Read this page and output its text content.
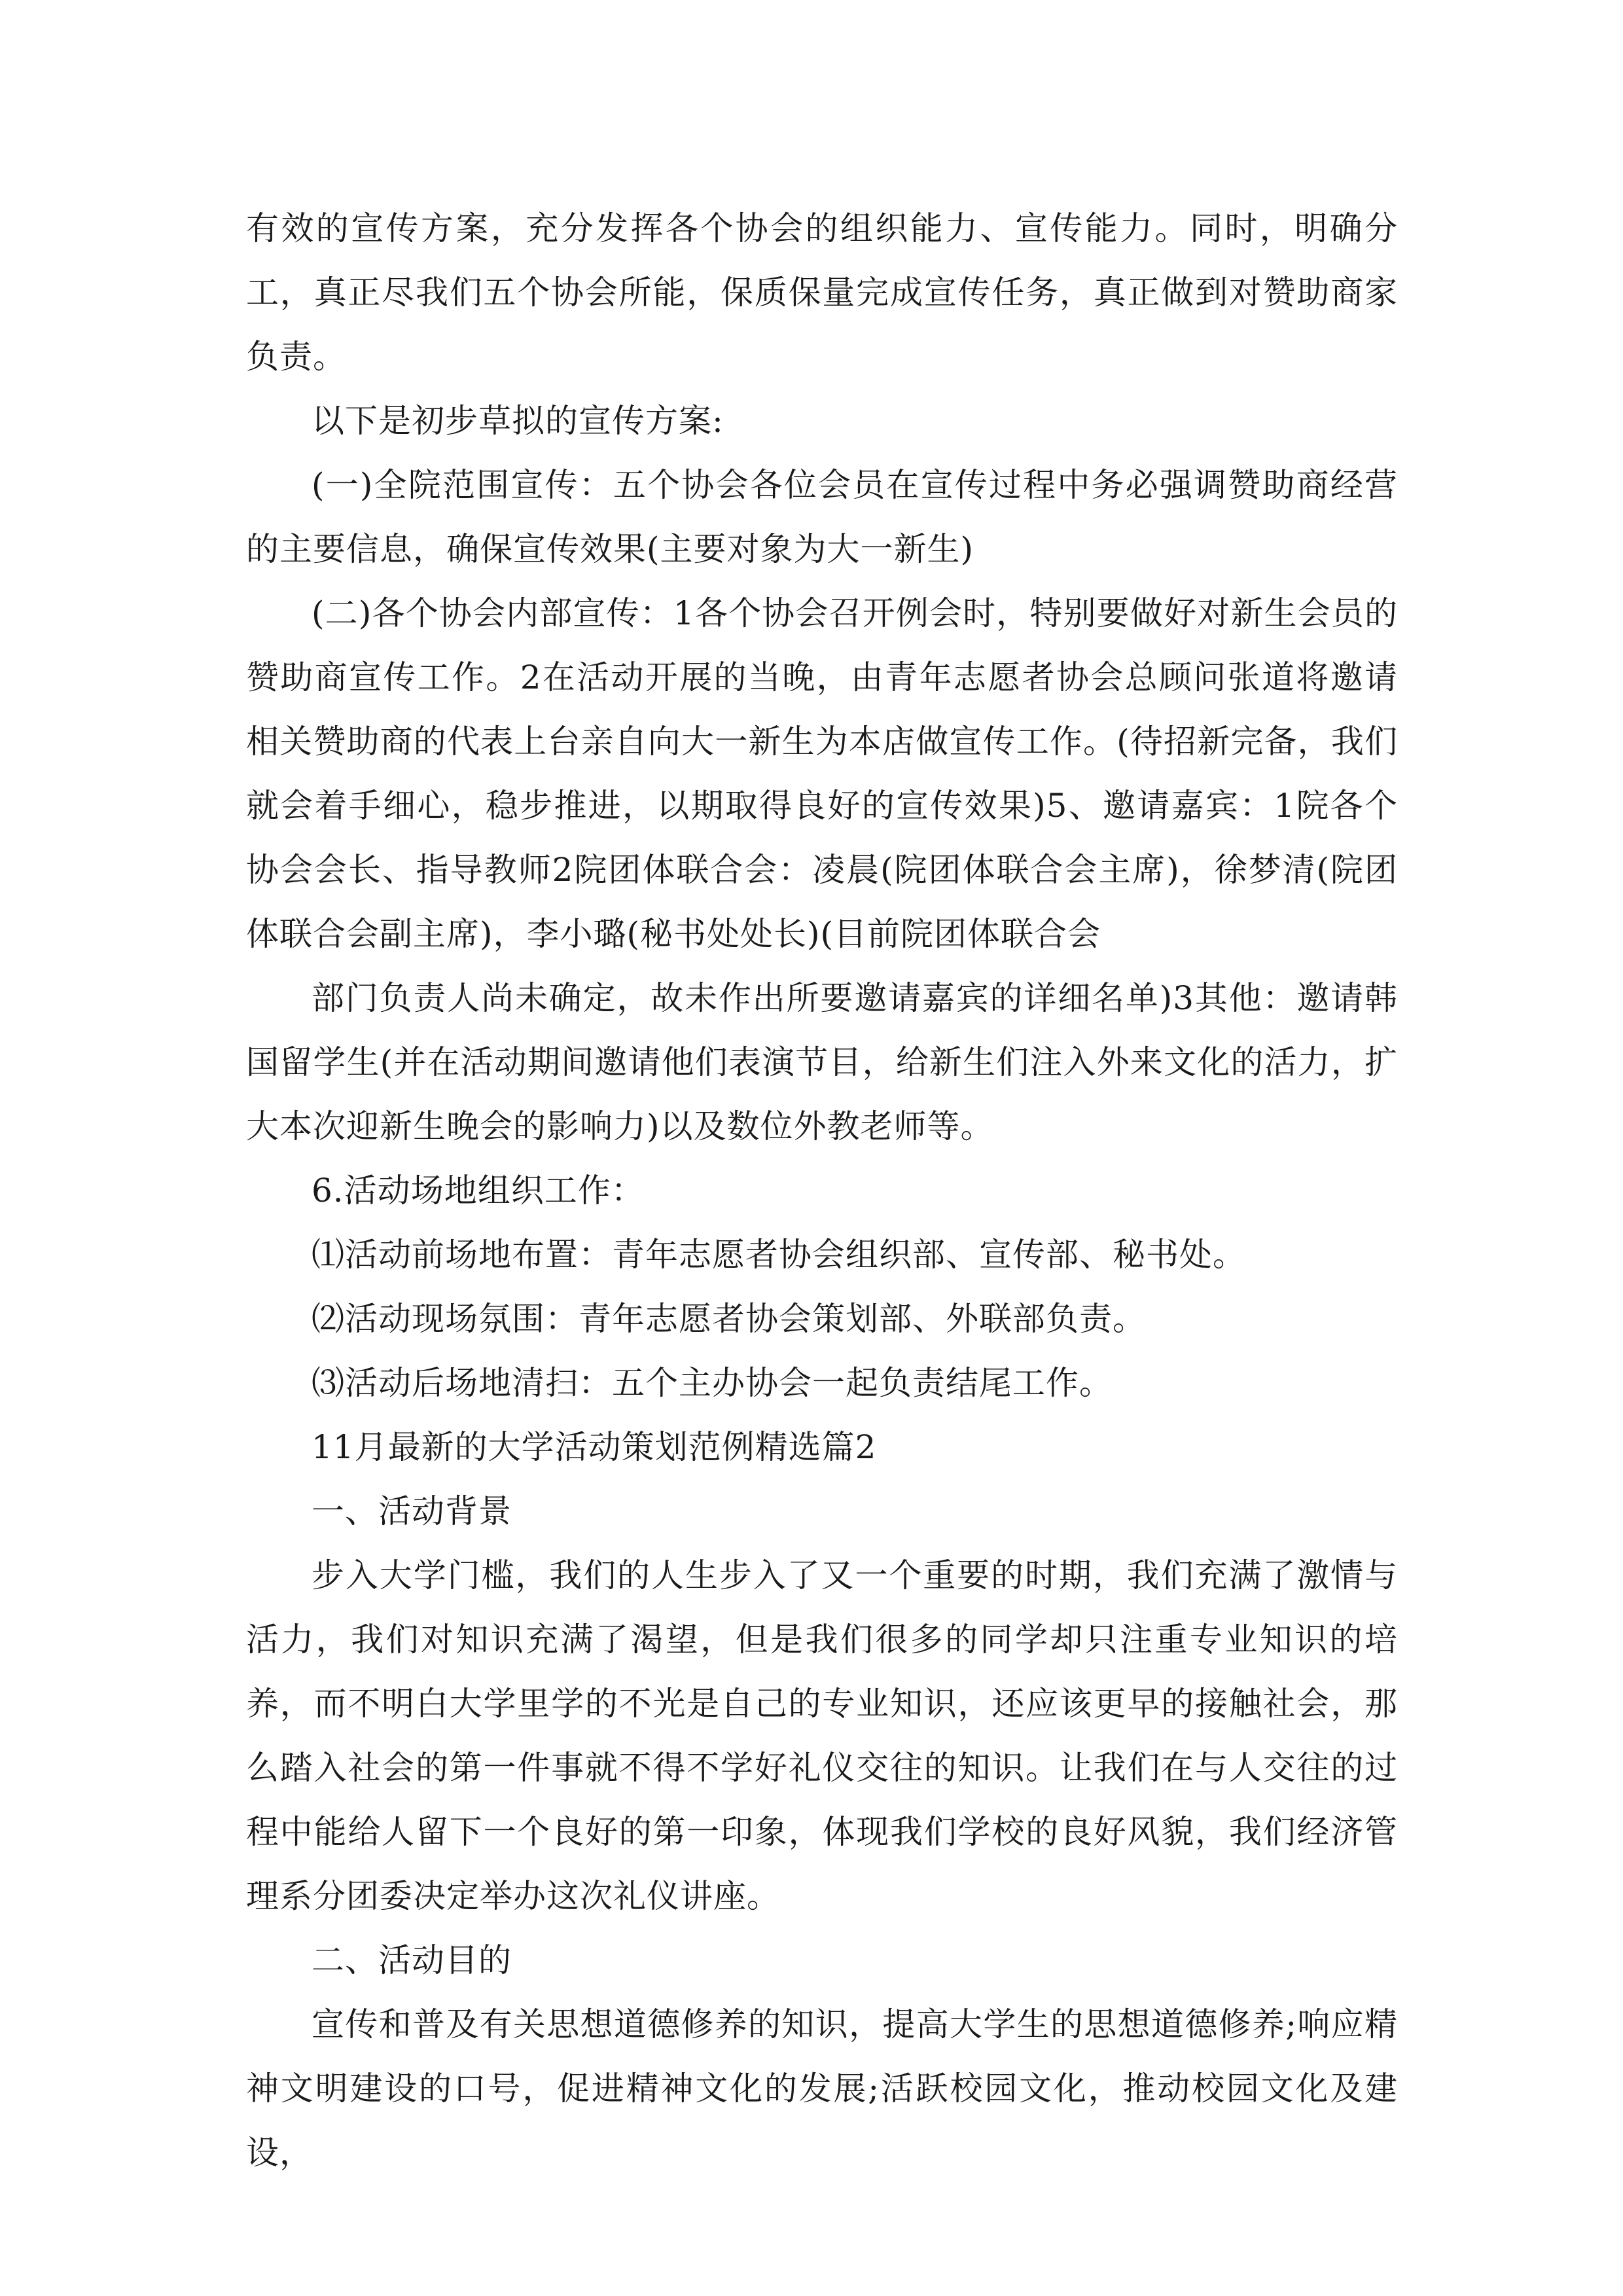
有效的宣传方案，充分发挥各个协会的组织能力、宣传能力。同时，明确分工，真正尽我们五个协会所能，保质保量完成宣传任务，真正做到对赞助商家负责。

以下是初步草拟的宣传方案:

(一)全院范围宣传：五个协会各位会员在宣传过程中务必强调赞助商经营的主要信息，确保宣传效果(主要对象为大一新生)

(二)各个协会内部宣传：1各个协会召开例会时，特别要做好对新生会员的赞助商宣传工作。2在活动开展的当晚，由青年志愿者协会总顾问张道将邀请相关赞助商的代表上台亲自向大一新生为本店做宣传工作。(待招新完备，我们就会着手细心，稳步推进，以期取得良好的宣传效果)5、邀请嘉宾：1院各个协会会长、指导教师2院团体联合会：凌晨(院团体联合会主席)，徐梦清(院团体联合会副主席)，李小璐(秘书处处长)(目前院团体联合会

部门负责人尚未确定，故未作出所要邀请嘉宾的详细名单)3其他：邀请韩国留学生(并在活动期间邀请他们表演节目，给新生们注入外来文化的活力，扩大本次迎新生晚会的影响力)以及数位外教老师等。

6.活动场地组织工作：

⑴活动前场地布置：青年志愿者协会组织部、宣传部、秘书处。

⑵活动现场氛围：青年志愿者协会策划部、外联部负责。

⑶活动后场地清扫：五个主办协会一起负责结尾工作。

11月最新的大学活动策划范例精选篇2

一、活动背景

步入大学门槛，我们的人生步入了又一个重要的时期，我们充满了激情与活力，我们对知识充满了渴望，但是我们很多的同学却只注重专业知识的培养，而不明白大学里学的不光是自己的专业知识，还应该更早的接触社会，那么踏入社会的第一件事就不得不学好礼仪交往的知识。让我们在与人交往的过程中能给人留下一个良好的第一印象，体现我们学校的良好风貌，我们经济管理系分团委决定举办这次礼仪讲座。

二、活动目的

宣传和普及有关思想道德修养的知识，提高大学生的思想道德修养;响应精神文明建设的口号，促进精神文化的发展;活跃校园文化，推动校园文化及建设，
